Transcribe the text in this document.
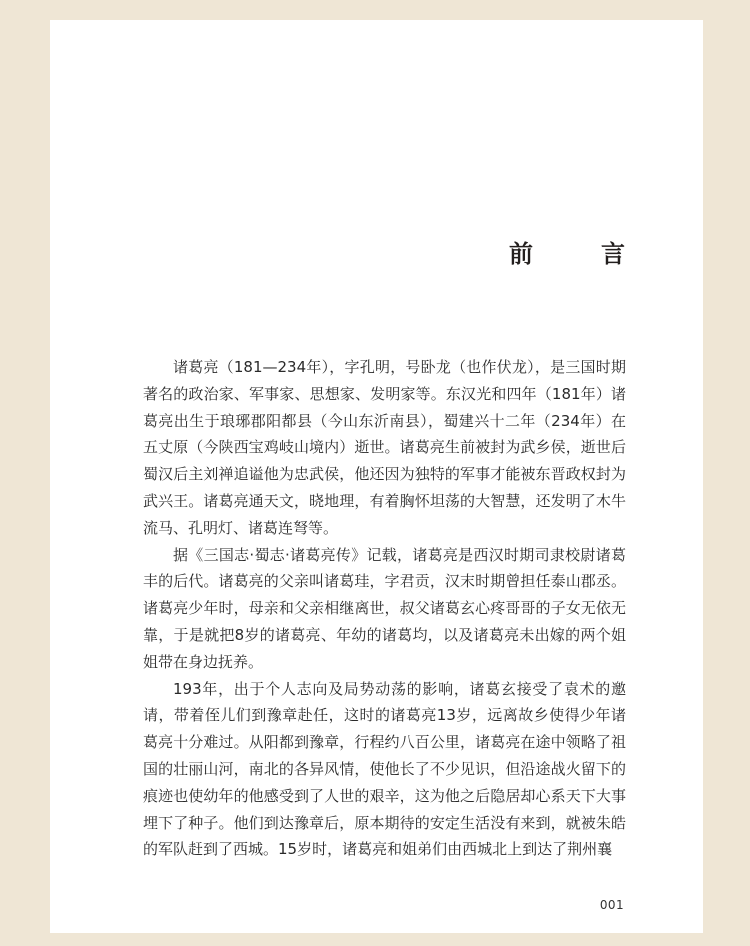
前　言

诸葛亮（181—234年），字孔明，号卧龙（也作伏龙），是三国时期著名的政治家、军事家、思想家、发明家等。东汉光和四年（181年）诸葛亮出生于琅琊郡阳都县（今山东沂南县），蜀建兴十二年（234年）在五丈原（今陕西宝鸡岐山境内）逝世。诸葛亮生前被封为武乡侯，逝世后蜀汉后主刘禅追谥他为忠武侯，他还因为独特的军事才能被东晋政权封为武兴王。诸葛亮通天文，晓地理，有着胸怀坦荡的大智慧，还发明了木牛流马、孔明灯、诸葛连弩等。

据《三国志·蜀志·诸葛亮传》记载，诸葛亮是西汉时期司隶校尉诸葛丰的后代。诸葛亮的父亲叫诸葛珪，字君贡，汉末时期曾担任泰山郡丞。诸葛亮少年时，母亲和父亲相继离世，叔父诸葛玄心疼哥哥的子女无依无靠，于是就把8岁的诸葛亮、年幼的诸葛均，以及诸葛亮未出嫁的两个姐姐带在身边抚养。

193年，出于个人志向及局势动荡的影响，诸葛玄接受了袁术的邀请，带着侄儿们到豫章赴任，这时的诸葛亮13岁，远离故乡使得少年诸葛亮十分难过。从阳都到豫章，行程约八百公里，诸葛亮在途中领略了祖国的壮丽山河，南北的各异风情，使他长了不少见识，但沿途战火留下的痕迹也使幼年的他感受到了人世的艰辛，这为他之后隐居却心系天下大事埋下了种子。他们到达豫章后，原本期待的安定生活没有来到，就被朱皓的军队赶到了西城。15岁时，诸葛亮和姐弟们由西城北上到达了荆州襄

001
